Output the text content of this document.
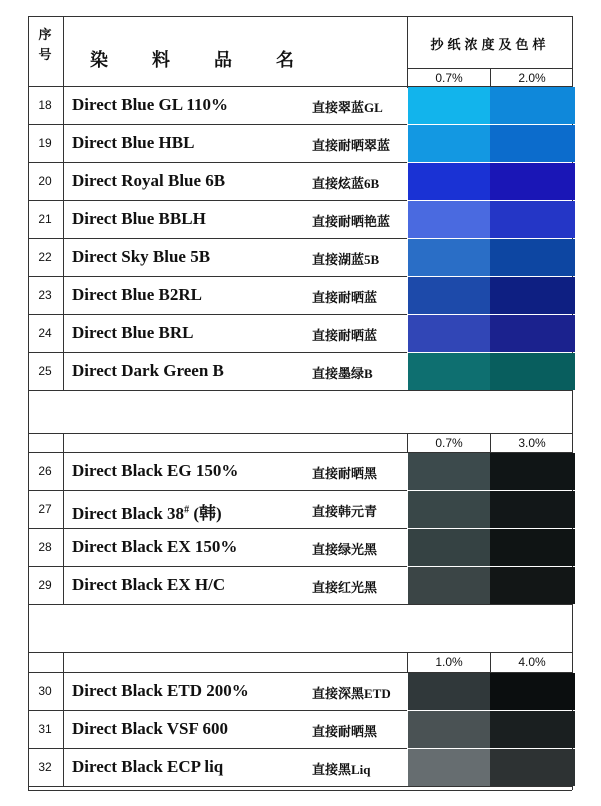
序
号	染料品名
抄纸浓度及色样
0.7%	2.0%
18	Direct Blue GL 110%	直接翠蓝GL
19	Direct Blue HBL	直接耐晒翠蓝
20	Direct Royal Blue 6B	直接炫蓝6B
21	Direct Blue BBLH	直接耐晒艳蓝
22	Direct Sky Blue 5B	直接湖蓝5B
23	Direct Blue B2RL	直接耐晒蓝
24	Direct Blue BRL	直接耐晒蓝
25	Direct Dark Green B	直接墨绿B
0.7%	3.0%
26	Direct Black EG 150%	直接耐晒黑
27	Direct Black 38# (韩)	直接韩元青
28	Direct Black EX 150%	直接绿光黑
29	Direct Black EX H/C	直接红光黑
1.0%	4.0%
30	Direct Black ETD 200%	直接深黑ETD
31	Direct Black VSF 600	直接耐晒黑
32	Direct Black ECP liq	直接黑Liq
